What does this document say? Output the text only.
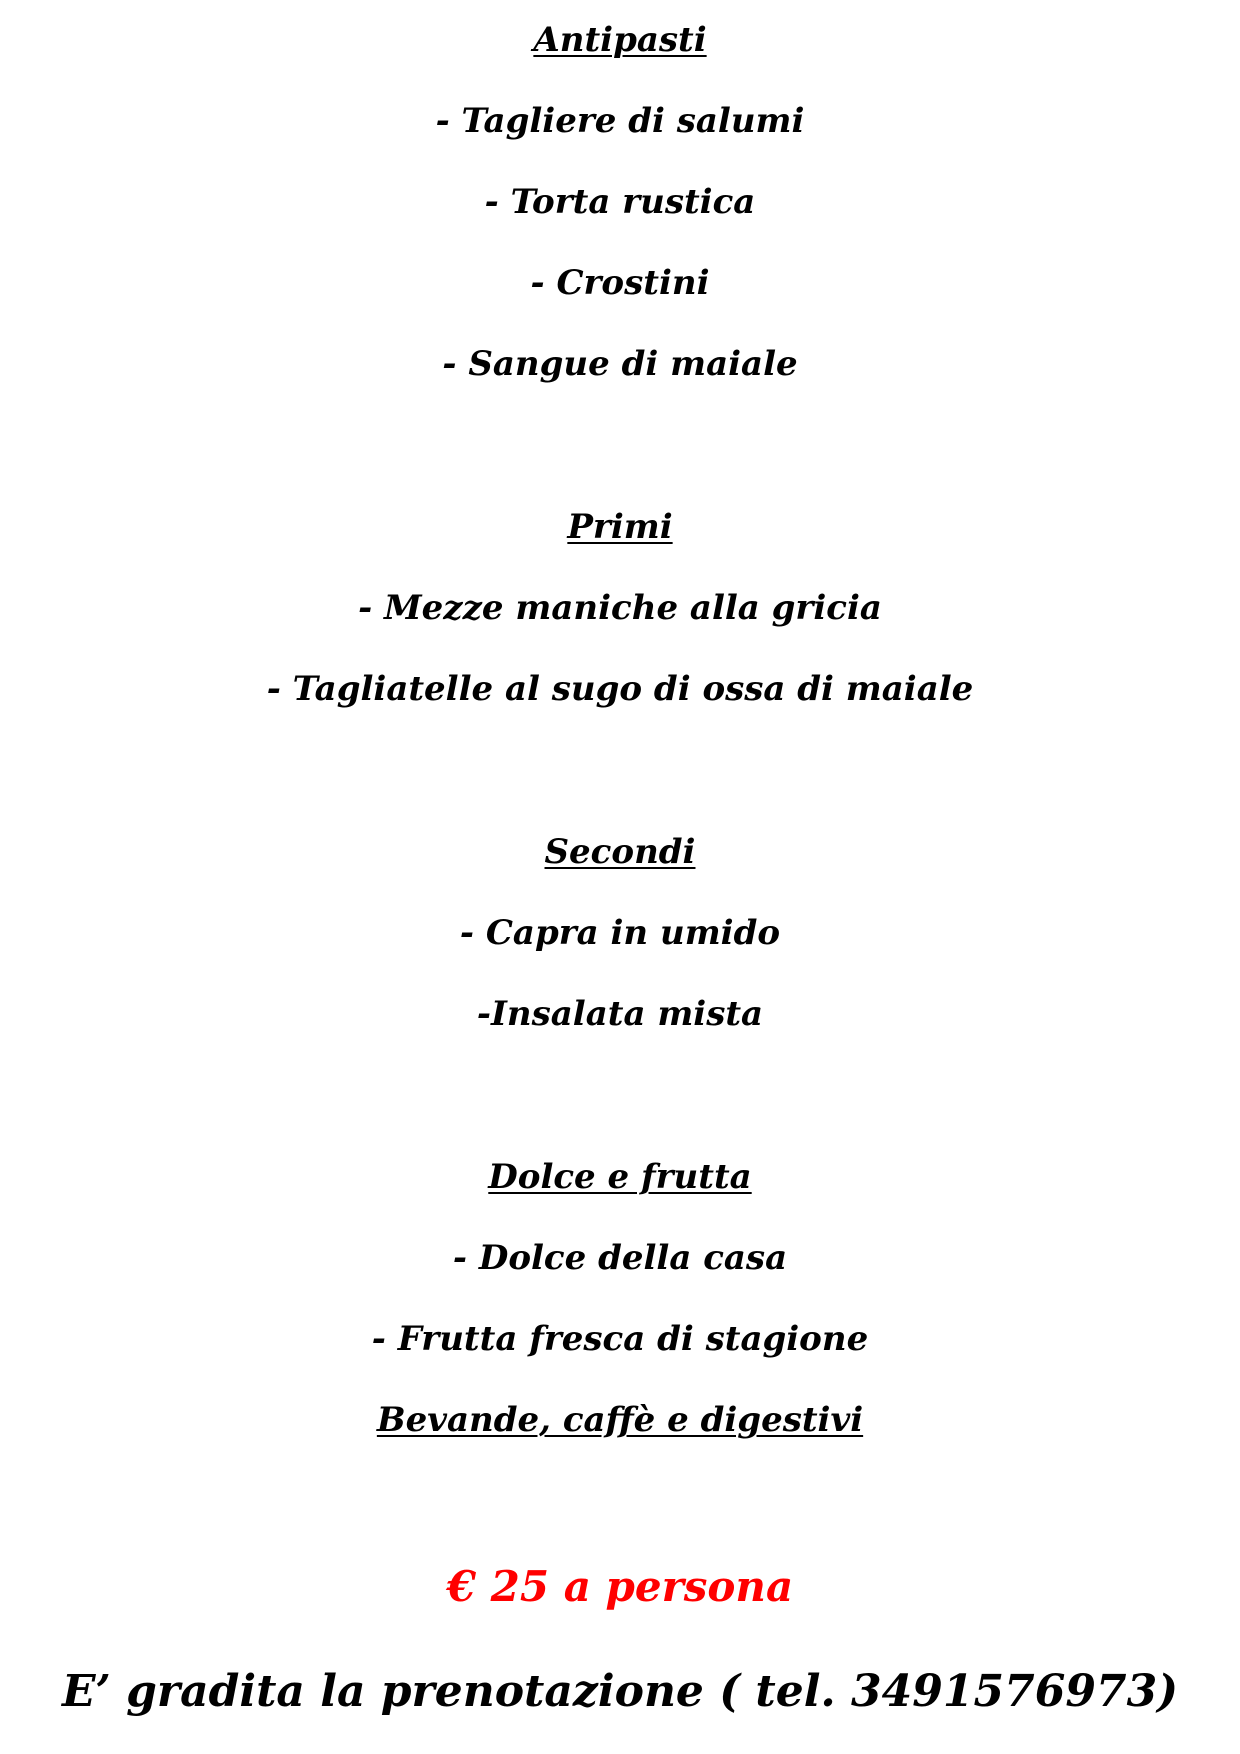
Antipasti
- Tagliere di salumi
- Torta rustica
- Crostini
- Sangue di maiale
Primi
- Mezze maniche alla gricia
- Tagliatelle al sugo di ossa di maiale
Secondi
- Capra in umido
-Insalata mista
Dolce e frutta
- Dolce della casa
- Frutta fresca di stagione
Bevande, caffè e digestivi
€ 25 a persona
E’ gradita la prenotazione ( tel. 3491576973)
